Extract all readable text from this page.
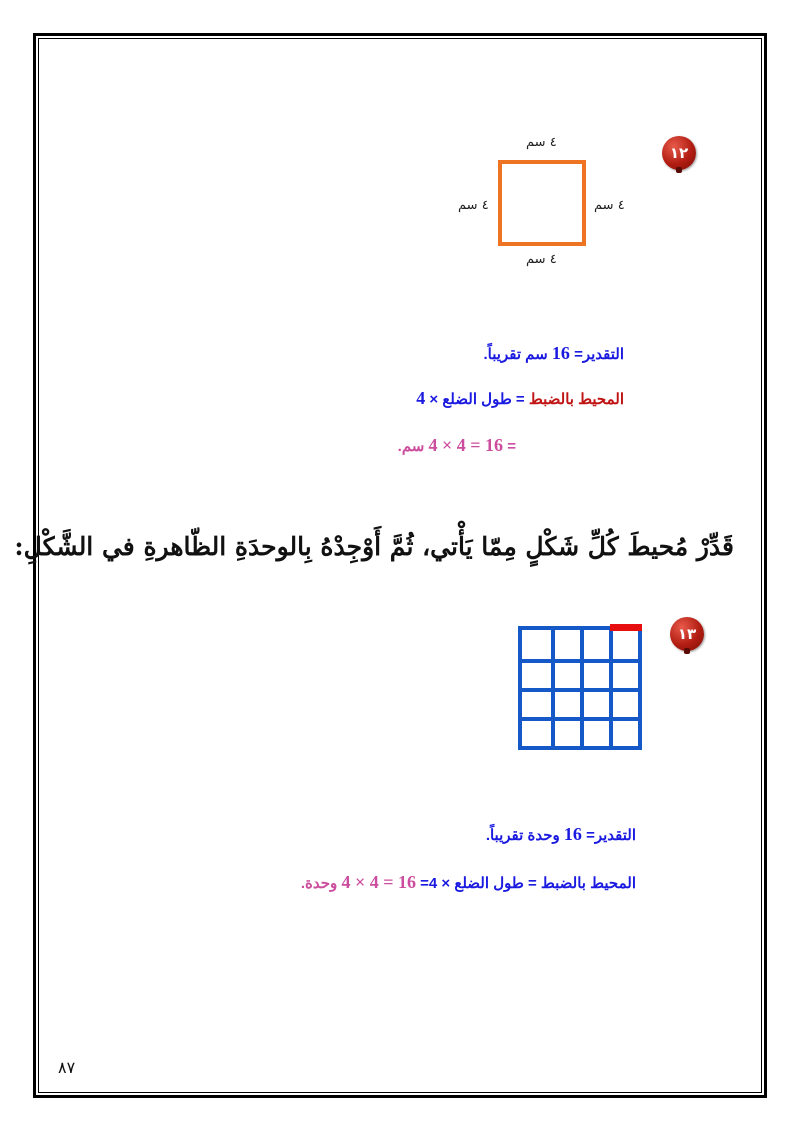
١٢
٤ سم
٤ سم	٤ سم
٤ سم
التقدير= 16 سم تقريباً.
المحيط بالضبط = طول الضلع × 4
= 4 × 4 = 16 سم.
قَدِّرْ مُحيطَ كُلِّ شَكْلٍ مِمّا يَأْتي، ثُمَّ أَوْجِدْهُ بِالوحدَةِ الظّاهرةِ في الشَّكْلِ:
١٣
التقدير= 16 وحدة تقريباً.
المحيط بالضبط = طول الضلع × 4= 4 × 4 = 16 وحدة.
٨٧
